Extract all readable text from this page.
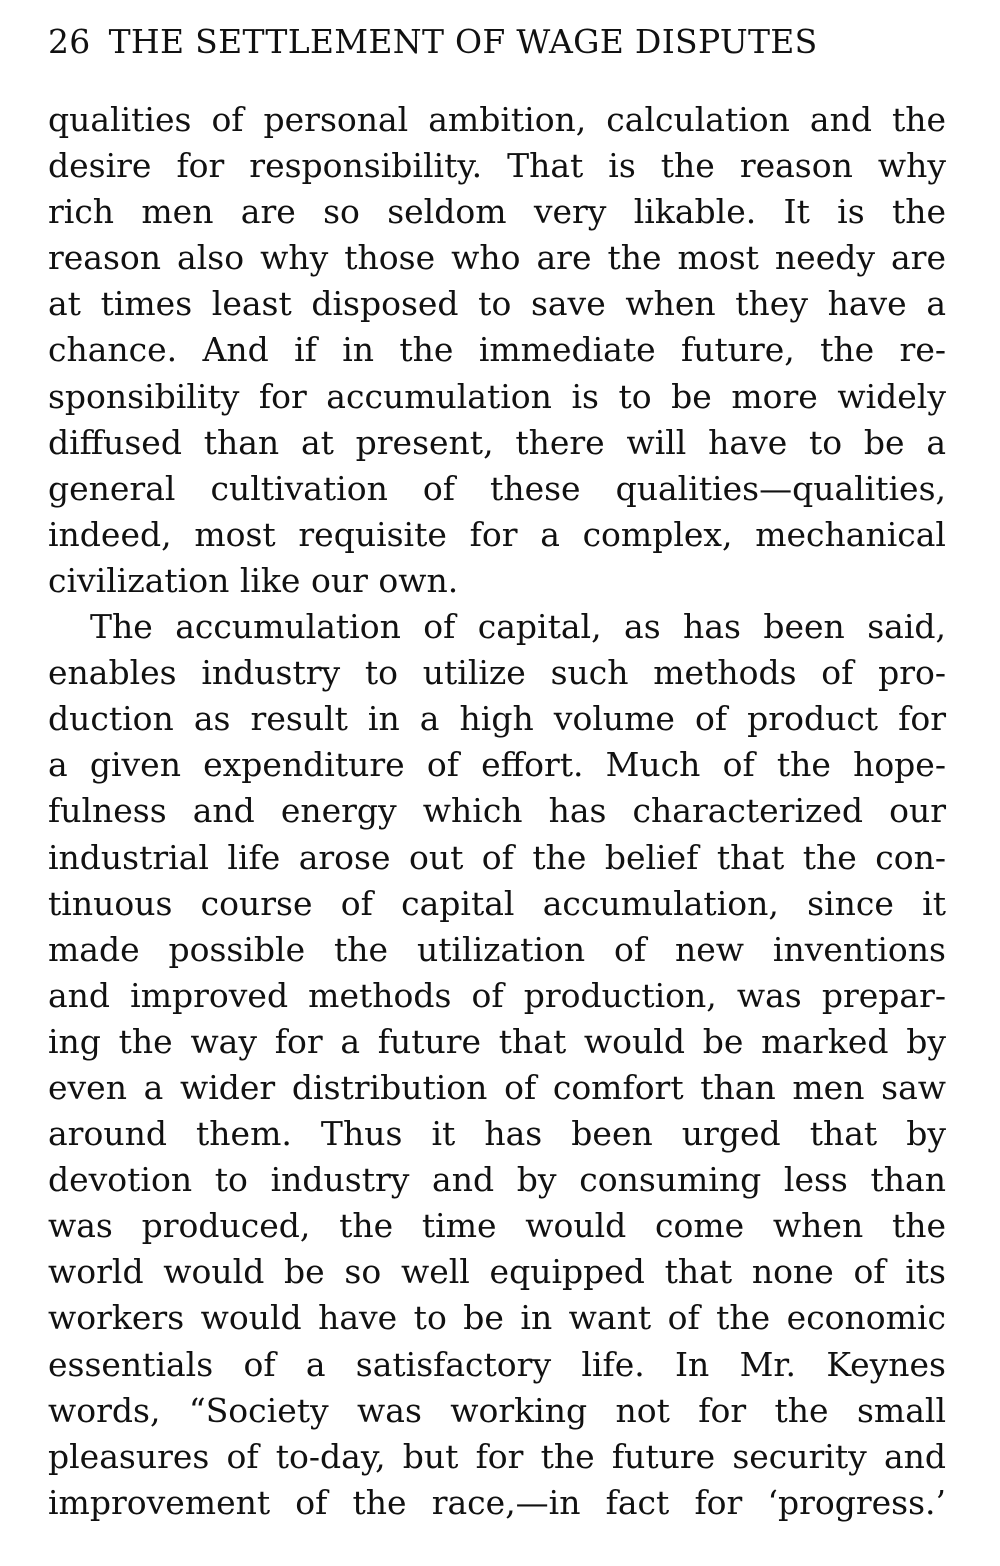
26 THE SETTLEMENT OF WAGE DISPUTES
qualities of personal ambition, calculation and the
desire for responsibility. That is the reason why
rich men are so seldom very likable. It is the
reason also why those who are the most needy are
at times least disposed to save when they have a
chance. And if in the immediate future, the re-
sponsibility for accumulation is to be more widely
diffused than at present, there will have to be a
general cultivation of these qualities—qualities,
indeed, most requisite for a complex, mechanical
civilization like our own.
The accumulation of capital, as has been said,
enables industry to utilize such methods of pro-
duction as result in a high volume of product for
a given expenditure of effort. Much of the hope-
fulness and energy which has characterized our
industrial life arose out of the belief that the con-
tinuous course of capital accumulation, since it
made possible the utilization of new inventions
and improved methods of production, was prepar-
ing the way for a future that would be marked by
even a wider distribution of comfort than men saw
around them. Thus it has been urged that by
devotion to industry and by consuming less than
was produced, the time would come when the
world would be so well equipped that none of its
workers would have to be in want of the economic
essentials of a satisfactory life. In Mr. Keynes
words, “Society was working not for the small
pleasures of to-day, but for the future security and
improvement of the race,—in fact for ‘progress.’
